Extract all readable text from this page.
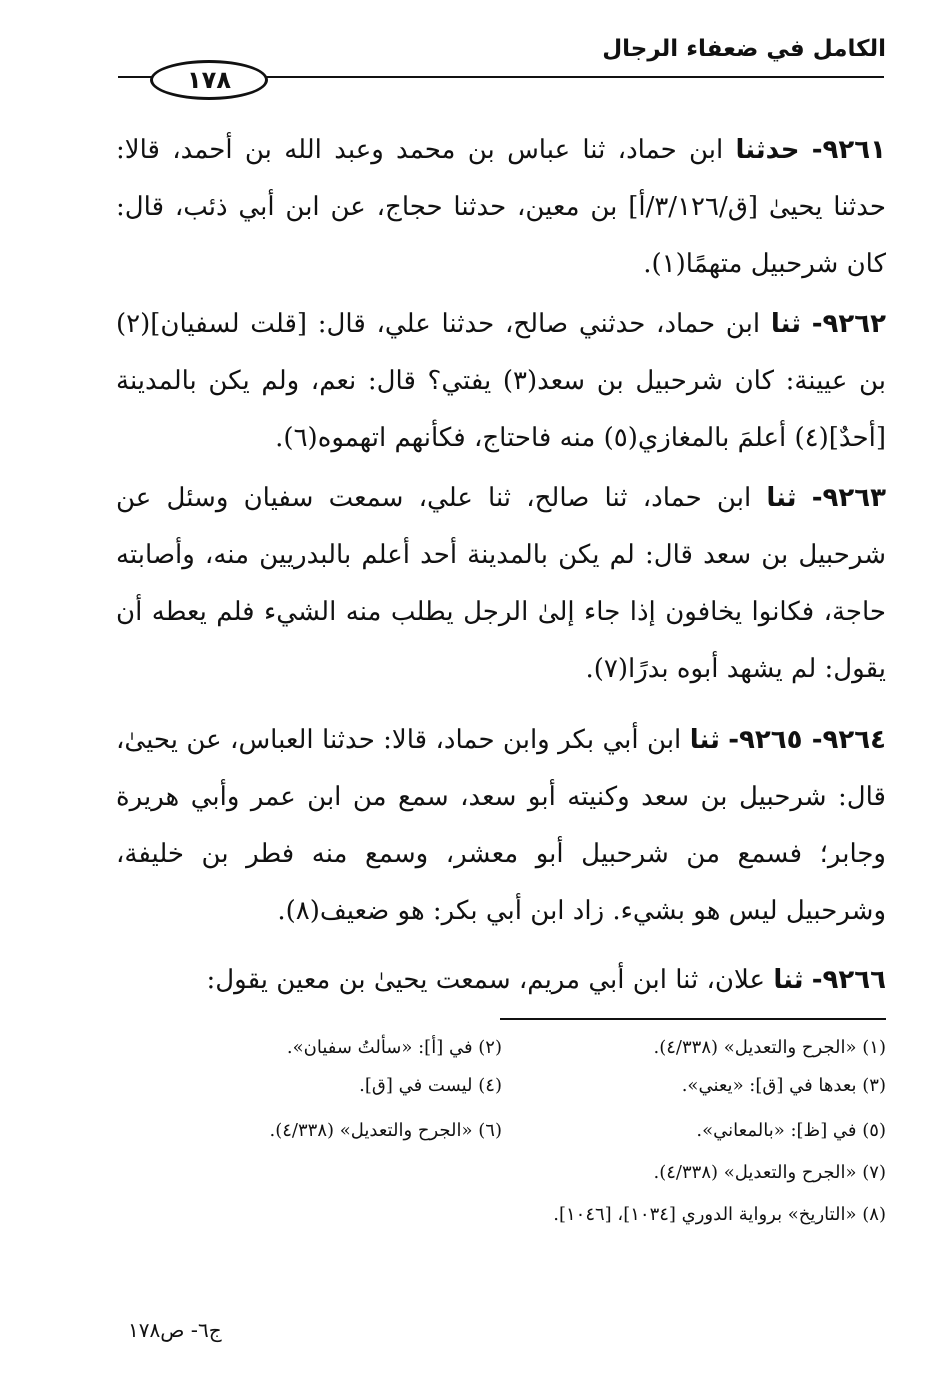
الكامل في ضعفاء الرجال
١٧٨

٩٢٦١- حدثنا ابن حماد، ثنا عباس بن محمد وعبد الله بن أحمد، قالا: حدثنا يحيىٰ [ق/٣/١٢٦/أ] بن معين، حدثنا حجاج، عن ابن أبي ذئب، قال: كان شرحبيل متهمًا(١).

٩٢٦٢- ثنا ابن حماد، حدثني صالح، حدثنا علي، قال: [قلت لسفيان](٢) بن عيينة: كان شرحبيل بن سعد(٣) يفتي؟ قال: نعم، ولم يكن بالمدينة [أحدٌ](٤) أعلمَ بالمغازي(٥) منه فاحتاج، فكأنهم اتهموه(٦).

٩٢٦٣- ثنا ابن حماد، ثنا صالح، ثنا علي، سمعت سفيان وسئل عن شرحبيل بن سعد قال: لم يكن بالمدينة أحد أعلم بالبدريين منه، وأصابته حاجة، فكانوا يخافون إذا جاء إلىٰ الرجل يطلب منه الشيء فلم يعطه أن يقول: لم يشهد أبوه بدرًا(٧).

٩٢٦٤- ٩٢٦٥- ثنا ابن أبي بكر وابن حماد، قالا: حدثنا العباس، عن يحيىٰ، قال: شرحبيل بن سعد وكنيته أبو سعد، سمع من ابن عمر وأبي هريرة وجابر؛ فسمع من شرحبيل أبو معشر، وسمع منه فطر بن خليفة، وشرحبيل ليس هو بشيء. زاد ابن أبي بكر: هو ضعيف(٨).

٩٢٦٦- ثنا علان، ثنا ابن أبي مريم، سمعت يحيىٰ بن معين يقول:

(١) «الجرح والتعديل» (٤/٣٣٨).
(٢) في [أ]: «سألتُ سفيان».
(٣) بعدها في [ق]: «يعني».
(٤) ليست في [ق].
(٥) في [ظ]: «بالمعاني».
(٦) «الجرح والتعديل» (٤/٣٣٨).
(٧) «الجرح والتعديل» (٤/٣٣٨).
(٨) «التاريخ» برواية الدوري [١٠٣٤]، [١٠٤٦].
ج٦- ص١٧٨
